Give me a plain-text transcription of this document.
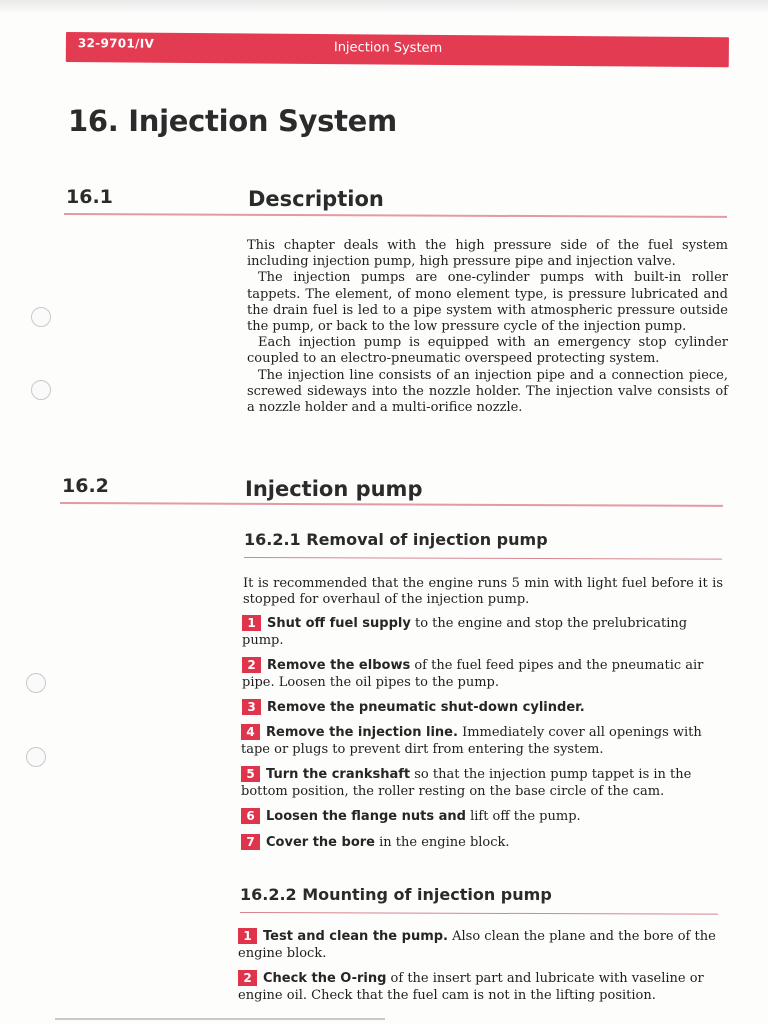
32-9701/IV	Injection System
16. Injection System
16.1	Description
This chapter deals with the high pressure side of the fuel system including injection pump, high pressure pipe and injection valve.
The injection pumps are one-cylinder pumps with built-in roller tappets. The element, of mono element type, is pressure lubricated and the drain fuel is led to a pipe system with atmospheric pressure outside the pump, or back to the low pressure cycle of the injection pump.
Each injection pump is equipped with an emergency stop cylinder coupled to an electro-pneumatic overspeed protecting system.
The injection line consists of an injection pipe and a connection piece, screwed sideways into the nozzle holder. The injection valve consists of a nozzle holder and a multi-orifice nozzle.
16.2	Injection pump
16.2.1 Removal of injection pump
It is recommended that the engine runs 5 min with light fuel before it is stopped for overhaul of the injection pump.
1 Shut off fuel supply to the engine and stop the prelubricating pump.
2 Remove the elbows of the fuel feed pipes and the pneumatic air pipe. Loosen the oil pipes to the pump.
3 Remove the pneumatic shut-down cylinder.
4 Remove the injection line. Immediately cover all openings with tape or plugs to prevent dirt from entering the system.
5 Turn the crankshaft so that the injection pump tappet is in the bottom position, the roller resting on the base circle of the cam.
6 Loosen the flange nuts and lift off the pump.
7 Cover the bore in the engine block.
16.2.2 Mounting of injection pump
1 Test and clean the pump. Also clean the plane and the bore of the engine block.
2 Check the O-ring of the insert part and lubricate with vaseline or engine oil. Check that the fuel cam is not in the lifting position.
